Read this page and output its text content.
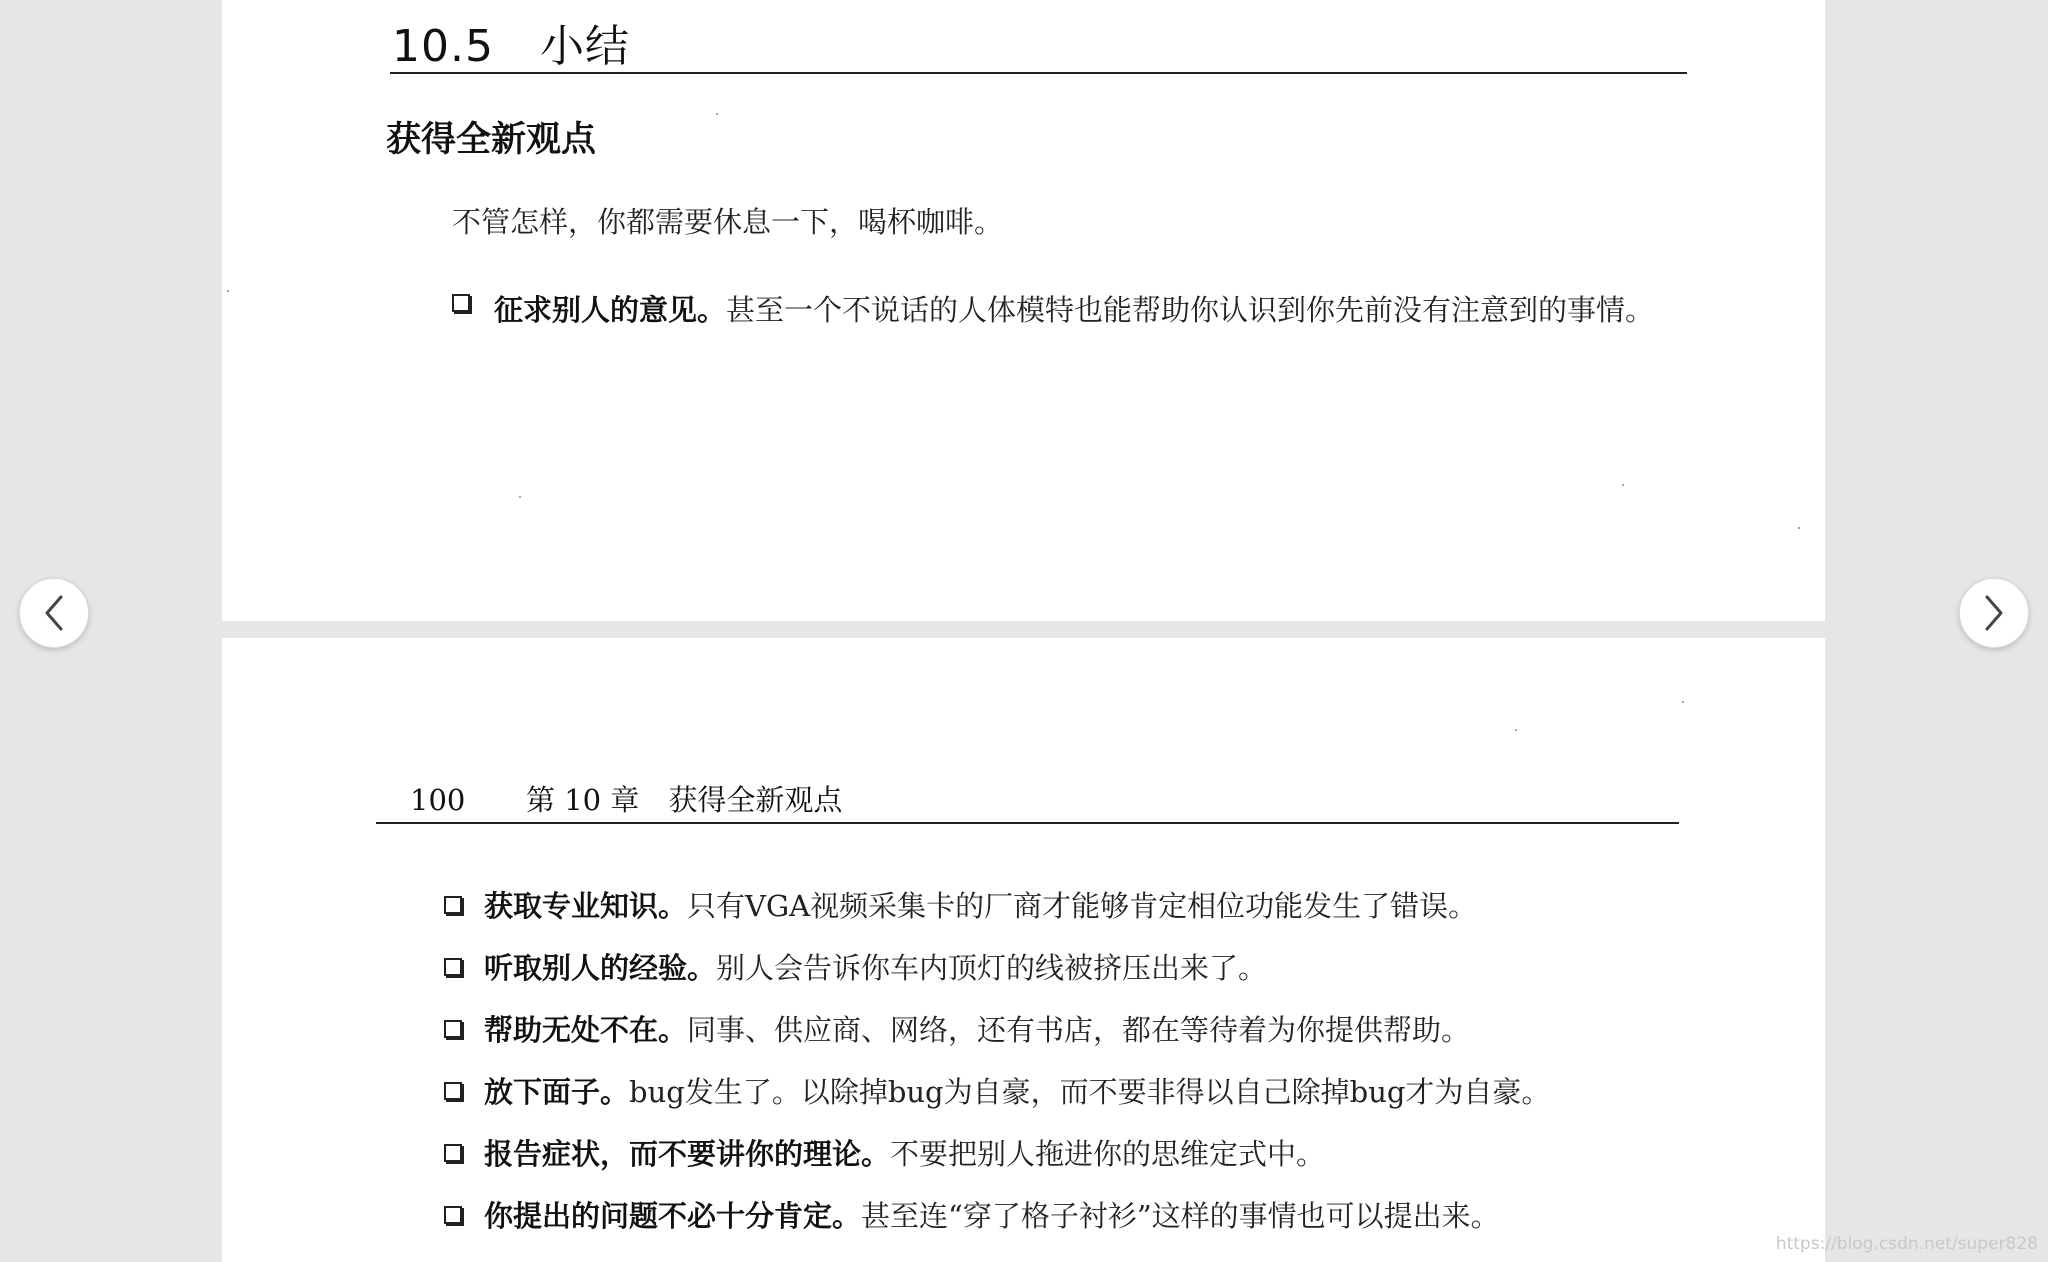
10.5 小结
获得全新观点

不管怎样，你都需要休息一下，喝杯咖啡。

征求别人的意见。甚至一个不说话的人体模特也能帮助你认识到你先前没有注意到的事情。
100 第 10 章　获得全新观点
获取专业知识。只有VGA视频采集卡的厂商才能够肯定相位功能发生了错误。
听取别人的经验。别人会告诉你车内顶灯的线被挤压出来了。
帮助无处不在。同事、供应商、网络，还有书店，都在等待着为你提供帮助。
放下面子。bug发生了。以除掉bug为自豪，而不要非得以自己除掉bug才为自豪。
报告症状，而不要讲你的理论。不要把别人拖进你的思维定式中。
你提出的问题不必十分肯定。甚至连“穿了格子衬衫”这样的事情也可以提出来。
https://blog.csdn.net/super828
